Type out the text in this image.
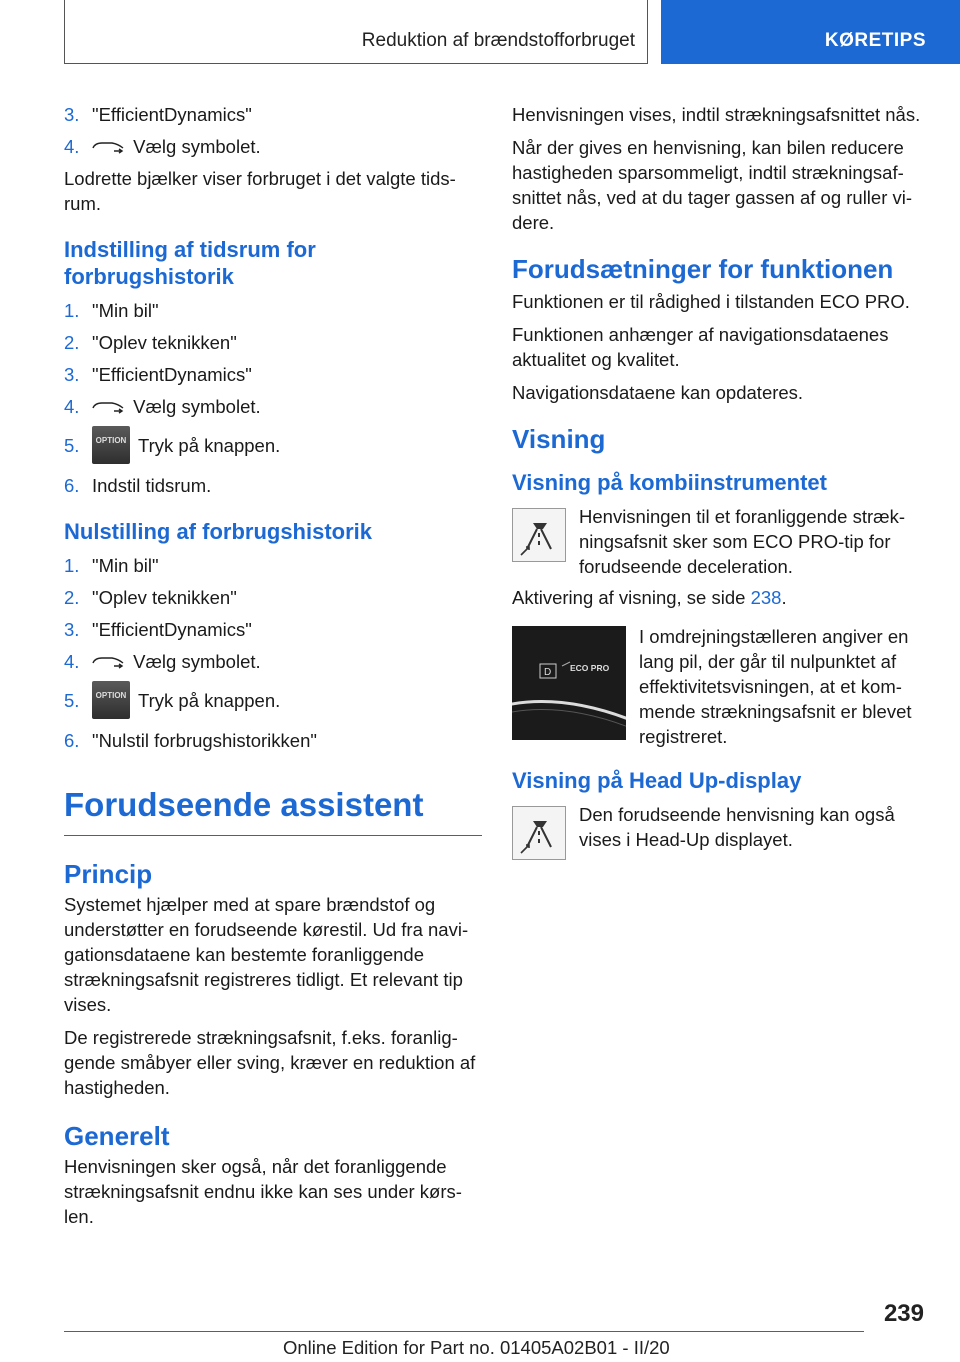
Reduktion af brændstofforbruget	KØRETIPS
3. "EfficientDynamics"
4.	Vælg symbolet.

Lodrette bjælker viser forbruget i det valgte tids-rum.

Indstilling af tidsrum for forbrugshistorik
1. "Min bil"
2. "Oplev teknikken"
3. "EfficientDynamics"
4.	Vælg symbolet.
5. OPTION Tryk på knappen.
6. Indstil tidsrum.
Nulstilling af forbrugshistorik
1. "Min bil"
2. "Oplev teknikken"
3. "EfficientDynamics"
4.	Vælg symbolet.
5. OPTION Tryk på knappen.
6. "Nulstil forbrugshistorikken"
Forudseende assistent
Princip

Systemet hjælper med at spare brændstof og understøtter en forudseende kørestil. Ud fra navi-gationsdataene kan bestemte foranliggende strækningsafsnit registreres tidligt. Et relevant tip vises.

De registrerede strækningsafsnit, f.eks. foranlig-gende småbyer eller sving, kræver en reduktion af hastigheden.

Generelt

Henvisningen sker også, når det foranliggende strækningsafsnit endnu ikke kan ses under kørs-len.

Henvisningen vises, indtil strækningsafsnittet nås.

Når der gives en henvisning, kan bilen reducere hastigheden sparsommeligt, indtil strækningsaf-snittet nås, ved at du tager gassen af og ruller vi-dere.

Forudsætninger for funktionen

Funktionen er til rådighed i tilstanden ECO PRO.

Funktionen anhænger af navigationsdataenes aktualitet og kvalitet.

Navigationsdataene kan opdateres.

Visning
Visning på kombiinstrumentet
Henvisningen til et foranliggende stræk-ningsafsnit sker som ECO PRO-tip for forudseende deceleration.

Aktivering af visning, se side 238.

D ECO PRO
I omdrejningstælleren angiver en lang pil, der går til nulpunktet af effektivitetsvisningen, at et kom-mende strækningsafsnit er blevet registreret.
Visning på Head Up-display
Den forudseende henvisning kan også vises i Head-Up displayet.
239
Online Edition for Part no. 01405A02B01 - II/20
